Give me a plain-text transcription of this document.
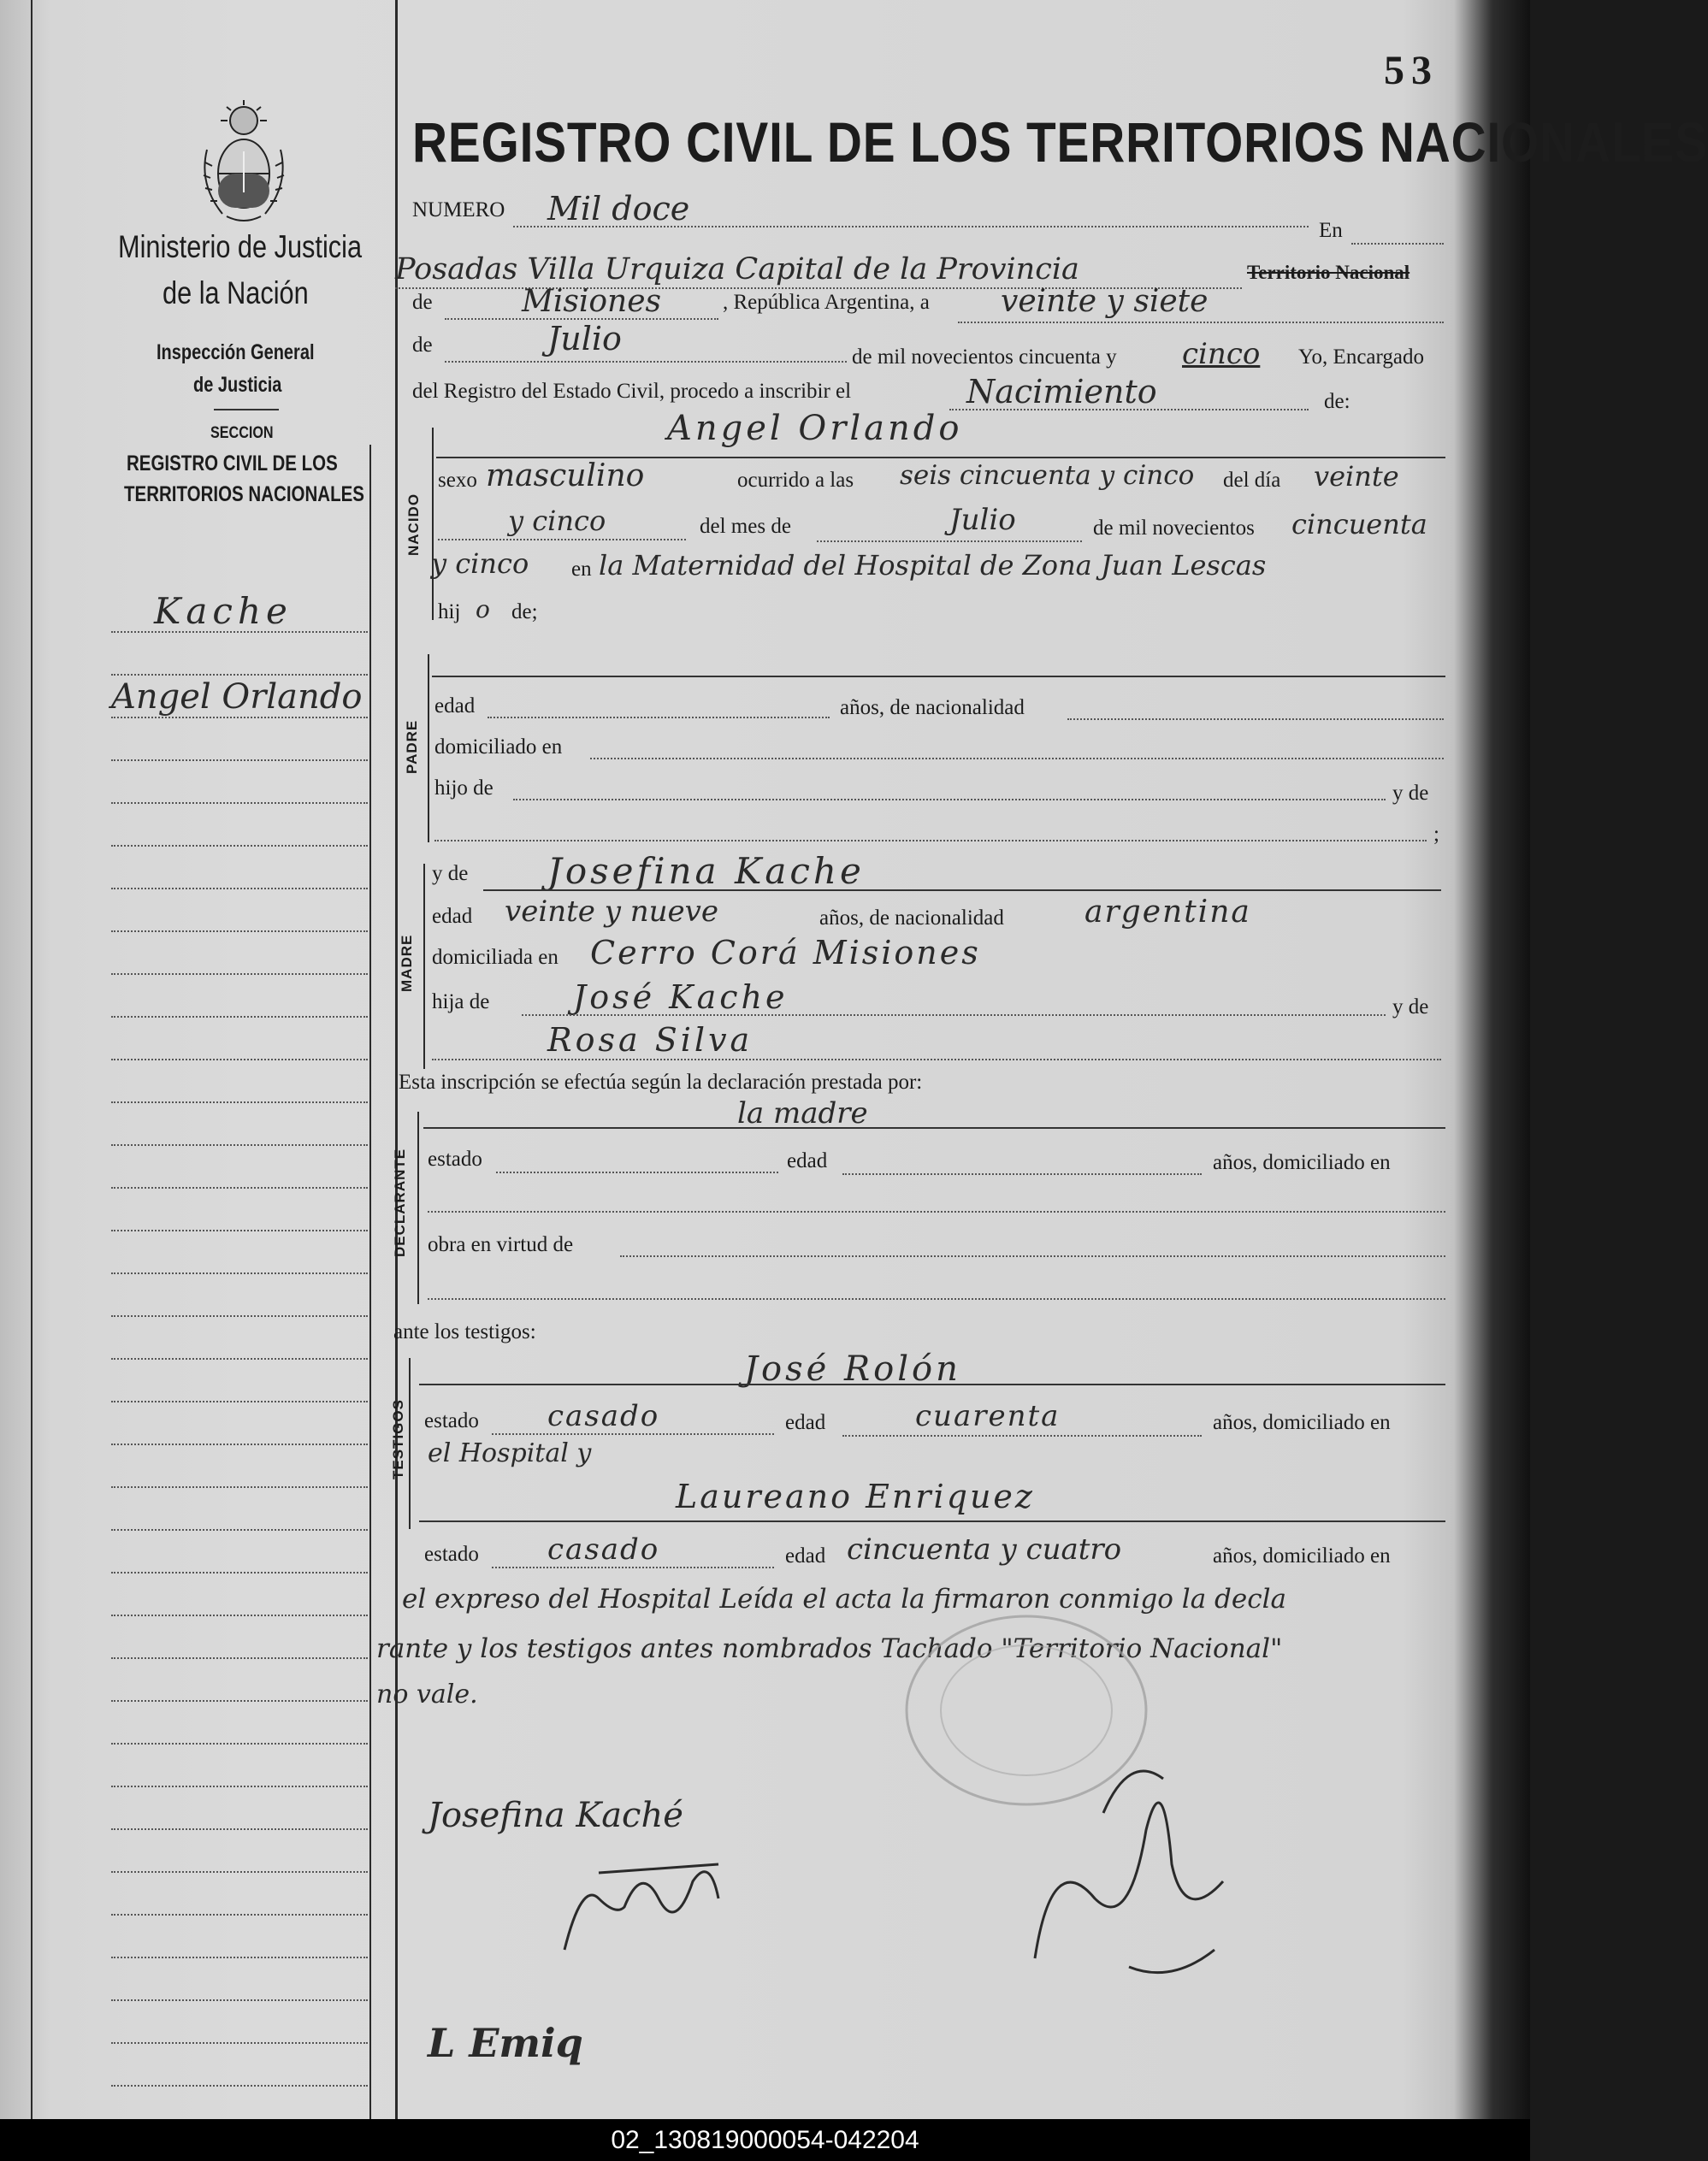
53
REGISTRO CIVIL DE LOS TERRITORIOS NACIONALES
Ministerio de Justicia
de la Nación
Inspección General
de Justicia
SECCION
REGISTRO CIVIL DE LOS
TERRITORIOS NACIONALES
Kache
Angel Orlando
NUMERO Mil doce
En
Posadas Villa Urquiza Capital de la Provincia	Territorio Nacional
de	Misiones	, República Argentina, a veinte y siete
de	Julio	de mil novecientos cincuenta y cinco Yo, Encargado
del Registro del Estado Civil, procedo a inscribir el	Nacimiento	de:
NACIDO
Angel Orlando
sexo masculino	ocurrido a las seis cincuenta y cinco del día veinte
y cinco	del mes de	Julio	de mil novecientos cincuenta
y cinco en la Maternidad del Hospital de Zona Juan Lescas
hij o de;
PADRE
edad	años, de nacionalidad
domiciliado en
hijo de	y de
;
MADRE
y de Josefina Kache
edad veinte y nueve	años, de nacionalidad	argentina
domiciliada en Cerro Corá Misiones
hija de	José Kache	y de
Rosa Silva
Esta inscripción se efectúa según la declaración prestada por:
la madre
DECLARANTE estado	edad	años, domiciliado en
obra en virtud de
ante los testigos:
TESTIGOS
José Rolón
estado casado	edad	cuarenta	años, domiciliado en
el Hospital y
Laureano Enriquez
estado casado	edad cincuenta y cuatro	años, domiciliado en
el expreso del Hospital Leída el acta la firmaron conmigo la decla
rante y los testigos antes nombrados Tachado "Territorio Nacional"
no vale.
Josefina Kaché
L Emiq
02_130819000054-042204
